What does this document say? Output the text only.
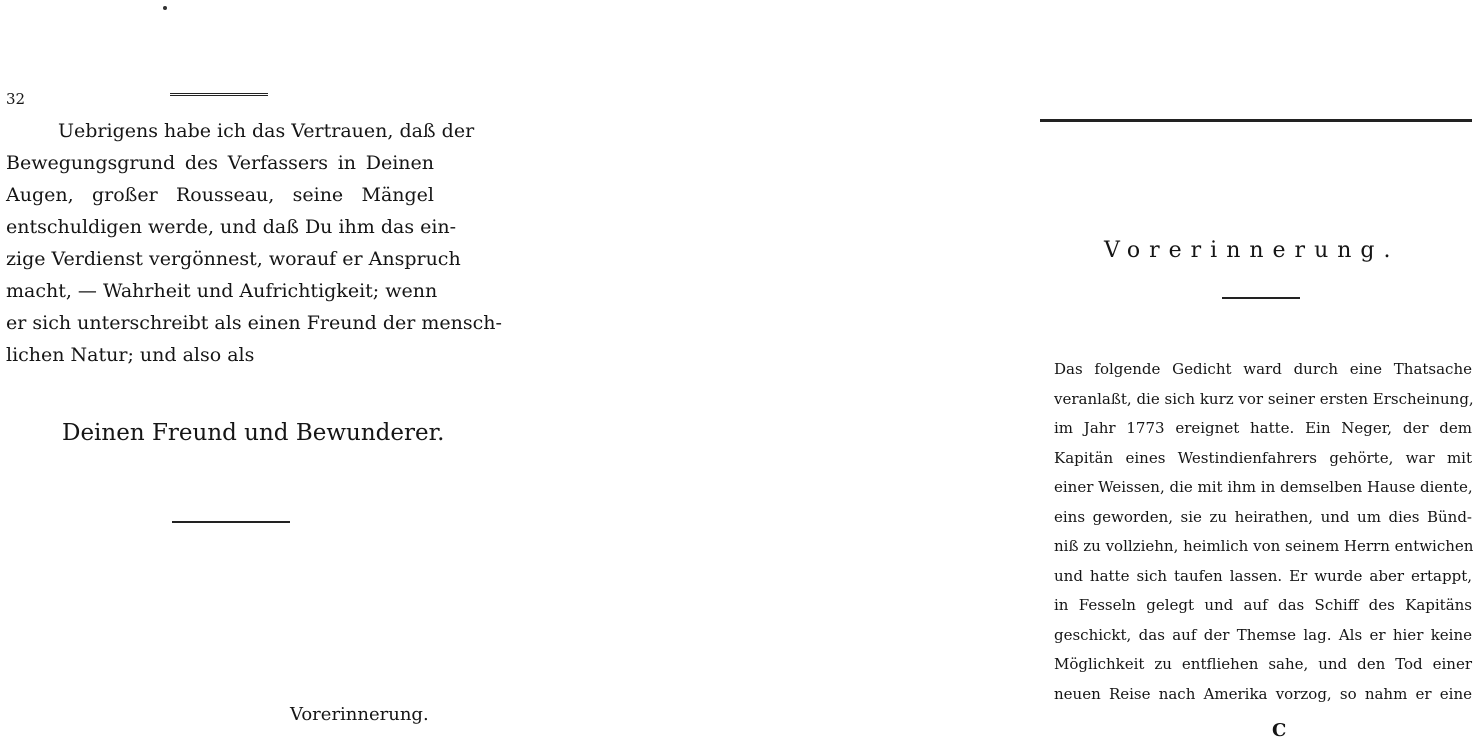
32
Uebrigens habe ich das Vertrauen, daß der
Bewegungsgrund des Verfassers in Deinen
Augen, großer Rousseau, seine Mängel
entschuldigen werde, und daß Du ihm das ein-
zige Verdienst vergönnest, worauf er Anspruch
macht, — Wahrheit und Aufrichtigkeit; wenn
er sich unterschreibt als einen Freund der mensch-
lichen Natur; und also als
Deinen Freund und Bewunderer.
Vorerinnerung.
Vorerinnerung.
Das folgende Gedicht ward durch eine Thatsache
veranlaßt, die sich kurz vor seiner ersten Erscheinung,
im Jahr 1773 ereignet hatte. Ein Neger, der dem
Kapitän eines Westindienfahrers gehörte, war mit
einer Weissen, die mit ihm in demselben Hause diente,
eins geworden, sie zu heirathen, und um dies Bünd-
niß zu vollziehn, heimlich von seinem Herrn entwichen
und hatte sich taufen lassen. Er wurde aber ertappt,
in Fesseln gelegt und auf das Schiff des Kapitäns
geschickt, das auf der Themse lag. Als er hier keine
Möglichkeit zu entfliehen sahe, und den Tod einer
neuen Reise nach Amerika vorzog, so nahm er eine
C
